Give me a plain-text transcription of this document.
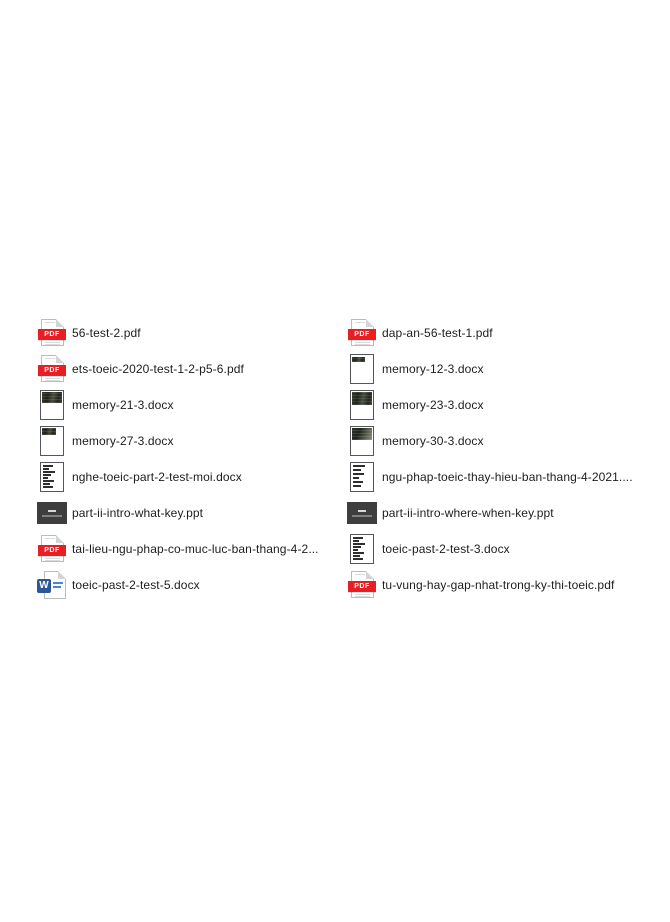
PDF	56-test-2.pdf
PDF	ets-toeic-2020-test-1-2-p5-6.pdf
memory-21-3.docx
memory-27-3.docx
nghe-toeic-part-2-test-moi.docx
part-ii-intro-what-key.ppt
PDF	tai-lieu-ngu-phap-co-muc-luc-ban-thang-4-2...
W toeic-past-2-test-5.docx
PDF	dap-an-56-test-1.pdf
memory-12-3.docx
memory-23-3.docx
memory-30-3.docx
ngu-phap-toeic-thay-hieu-ban-thang-4-2021....
part-ii-intro-where-when-key.ppt
toeic-past-2-test-3.docx
PDF	tu-vung-hay-gap-nhat-trong-ky-thi-toeic.pdf
